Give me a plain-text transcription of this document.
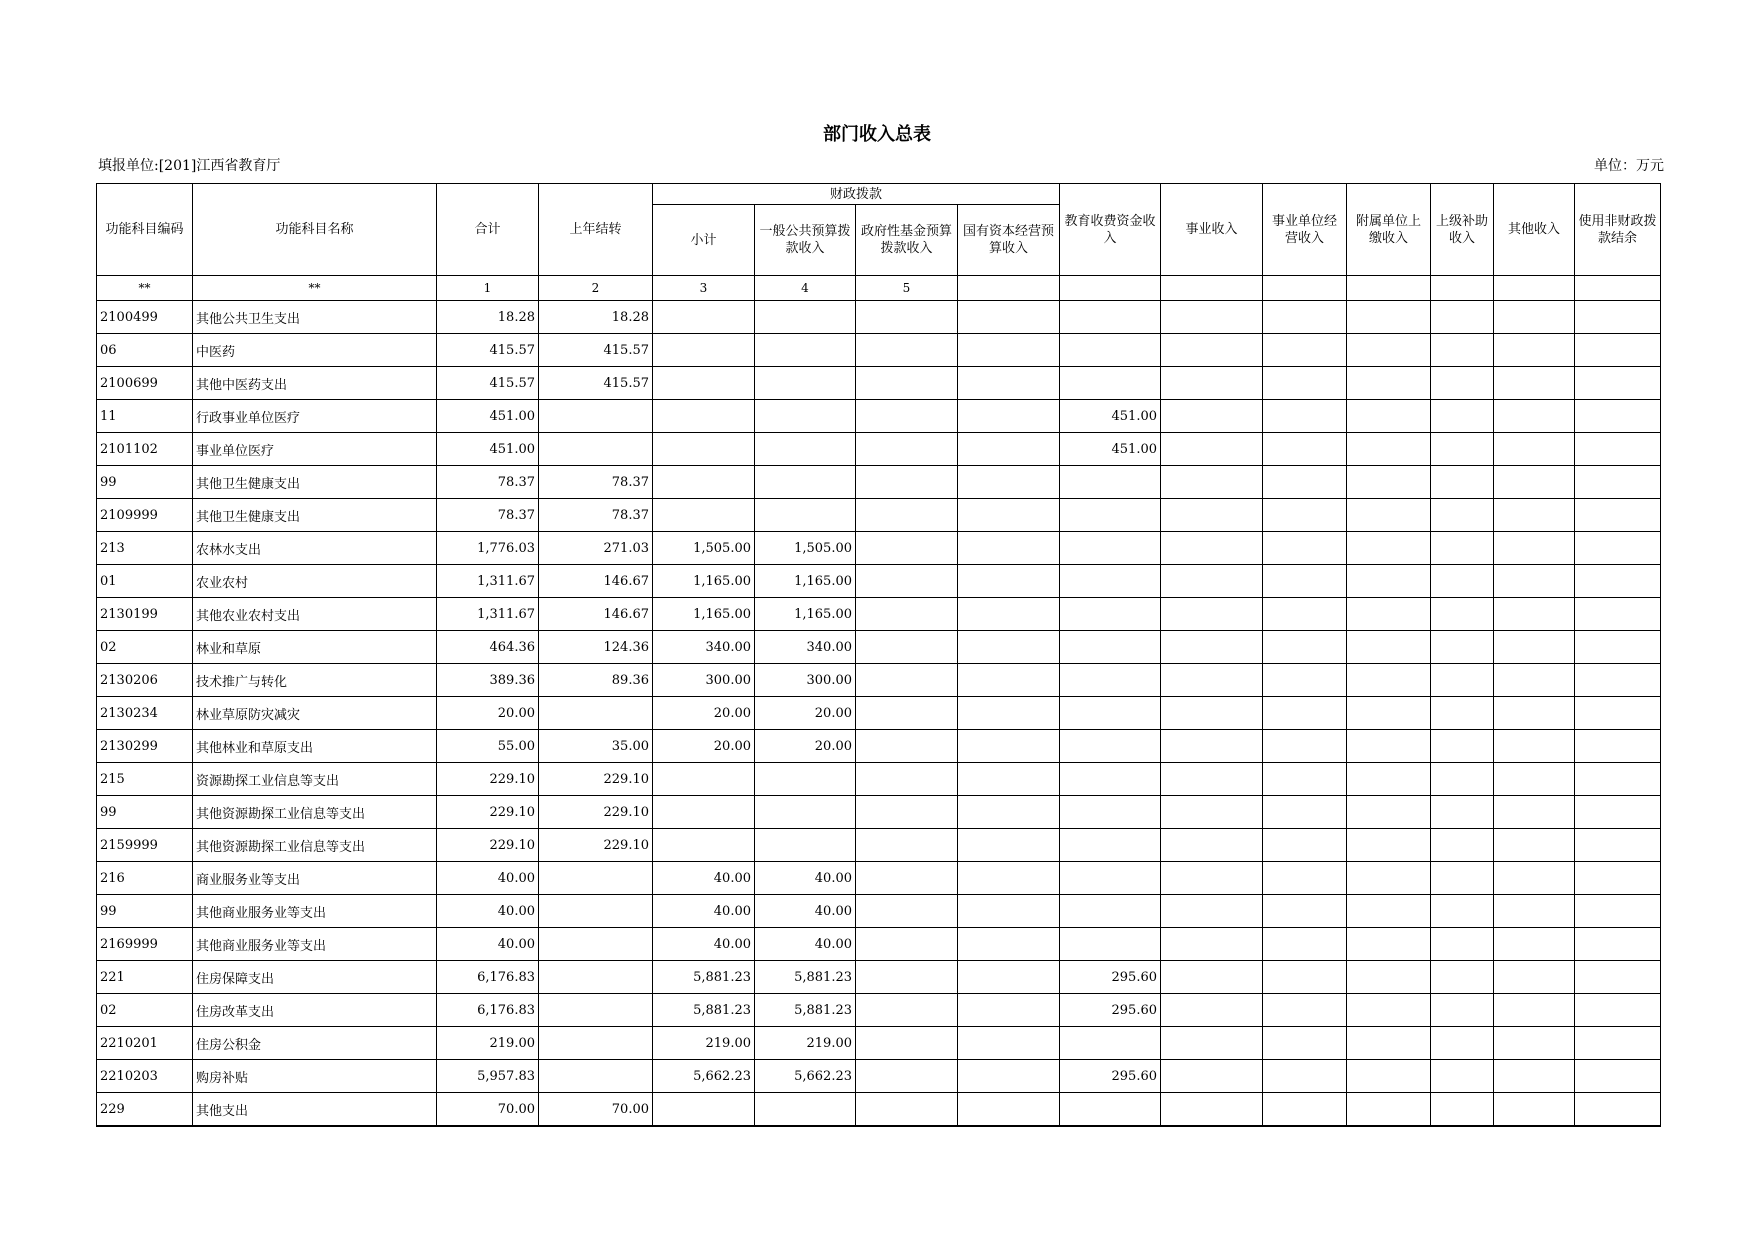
部门收入总表
填报单位:[201]江西省教育厅	单位：万元
功能科目编码	功能科目名称	合计	上年结转	财政拨款				教育收费资金收入	事业收入	事业单位经营收入	附属单位上缴收入	上级补助收入	其他收入	使用非财政拨款结余
				小计	一般公共预算拨款收入	政府性基金预算拨款收入	国有资本经营预算收入							
**	**	1	2	3	4	5								
2100499	其他公共卫生支出	18.28	18.28											
06	中医药	415.57	415.57											
2100699	其他中医药支出	415.57	415.57											
11	行政事业单位医疗	451.00						451.00						
2101102	事业单位医疗	451.00						451.00						
99	其他卫生健康支出	78.37	78.37											
2109999	其他卫生健康支出	78.37	78.37											
213	农林水支出	1,776.03	271.03	1,505.00	1,505.00									
01	农业农村	1,311.67	146.67	1,165.00	1,165.00									
2130199	其他农业农村支出	1,311.67	146.67	1,165.00	1,165.00									
02	林业和草原	464.36	124.36	340.00	340.00									
2130206	技术推广与转化	389.36	89.36	300.00	300.00									
2130234	林业草原防灾减灾	20.00		20.00	20.00									
2130299	其他林业和草原支出	55.00	35.00	20.00	20.00									
215	资源勘探工业信息等支出	229.10	229.10											
99	其他资源勘探工业信息等支出	229.10	229.10											
2159999	其他资源勘探工业信息等支出	229.10	229.10											
216	商业服务业等支出	40.00		40.00	40.00									
99	其他商业服务业等支出	40.00		40.00	40.00									
2169999	其他商业服务业等支出	40.00		40.00	40.00									
221	住房保障支出	6,176.83		5,881.23	5,881.23			295.60						
02	住房改革支出	6,176.83		5,881.23	5,881.23			295.60						
2210201	住房公积金	219.00		219.00	219.00									
2210203	购房补贴	5,957.83		5,662.23	5,662.23			295.60						
229	其他支出	70.00	70.00											
